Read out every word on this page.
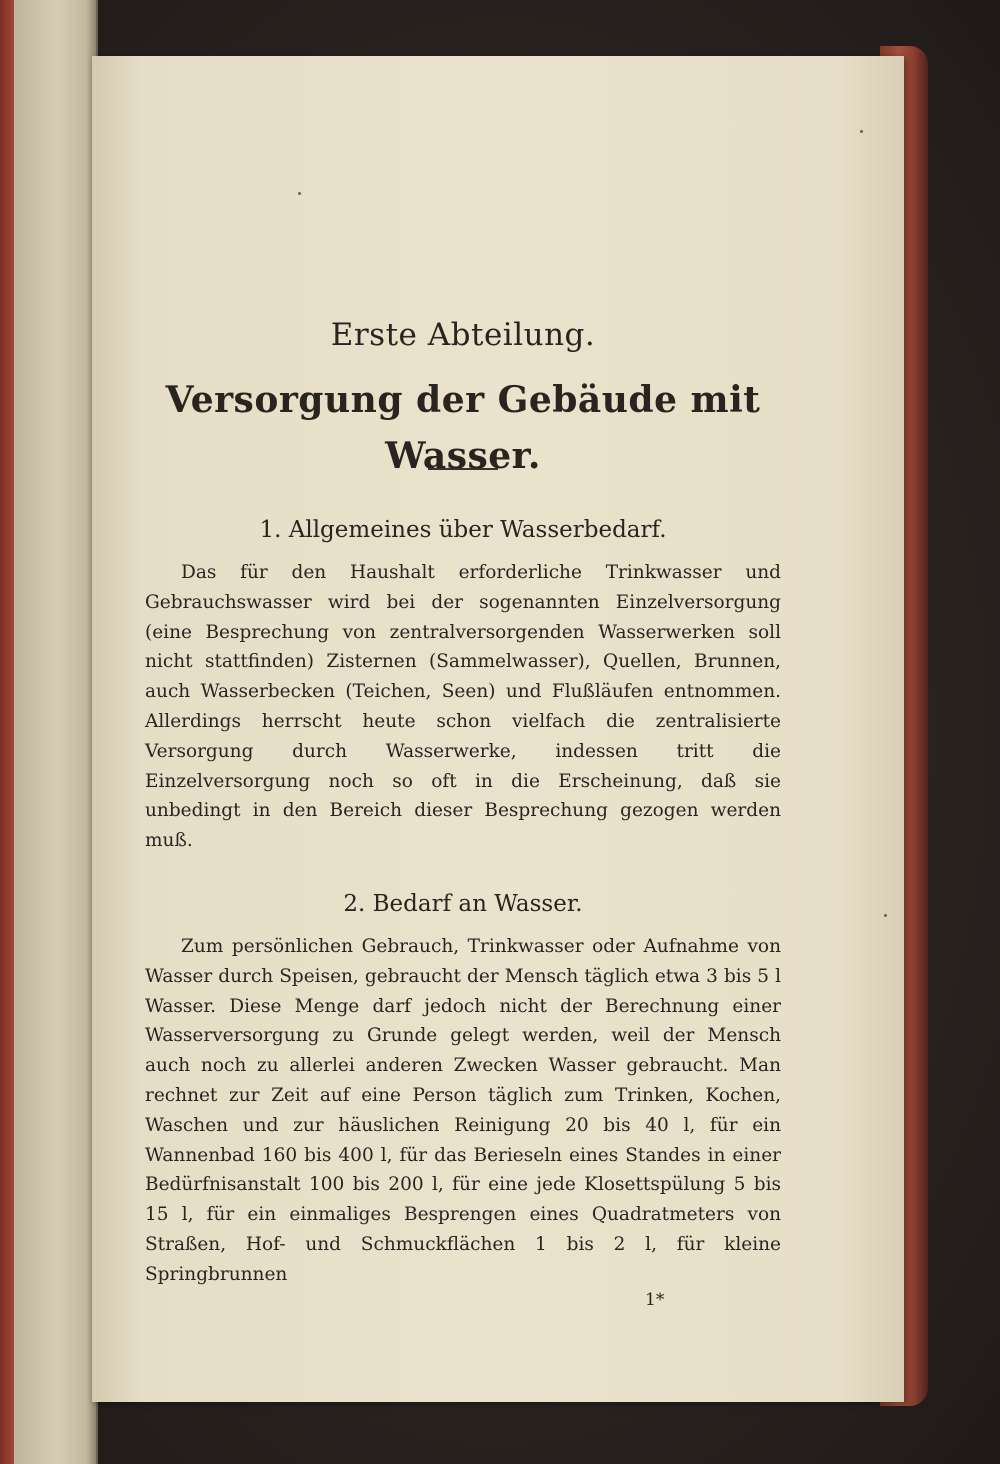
Erste Abteilung.
Versorgung der Gebäude mit Wasser.
1. Allgemeines über Wasserbedarf.

Das für den Haushalt erforderliche Trinkwasser und Gebrauchswasser wird bei der sogenannten Einzelversorgung (eine Besprechung von zentralversorgenden Wasserwerken soll nicht stattfinden) Zisternen (Sammelwasser), Quellen, Brunnen, auch Wasserbecken (Teichen, Seen) und Flußläufen entnommen. Allerdings herrscht heute schon vielfach die zentralisierte Versorgung durch Wasserwerke, indessen tritt die Einzelversorgung noch so oft in die Erscheinung, daß sie unbedingt in den Bereich dieser Besprechung gezogen werden muß.

2. Bedarf an Wasser.

Zum persönlichen Gebrauch, Trinkwasser oder Aufnahme von Wasser durch Speisen, gebraucht der Mensch täglich etwa 3 bis 5 l Wasser. Diese Menge darf jedoch nicht der Berechnung einer Wasserversorgung zu Grunde gelegt werden, weil der Mensch auch noch zu allerlei anderen Zwecken Wasser gebraucht. Man rechnet zur Zeit auf eine Person täglich zum Trinken, Kochen, Waschen und zur häuslichen Reinigung 20 bis 40 l, für ein Wannenbad 160 bis 400 l, für das Berieseln eines Standes in einer Bedürfnisanstalt 100 bis 200 l, für eine jede Klosettspülung 5 bis 15 l, für ein einmaliges Besprengen eines Quadratmeters von Straßen, Hof- und Schmuckflächen 1 bis 2 l, für kleine Springbrunnen

1*
